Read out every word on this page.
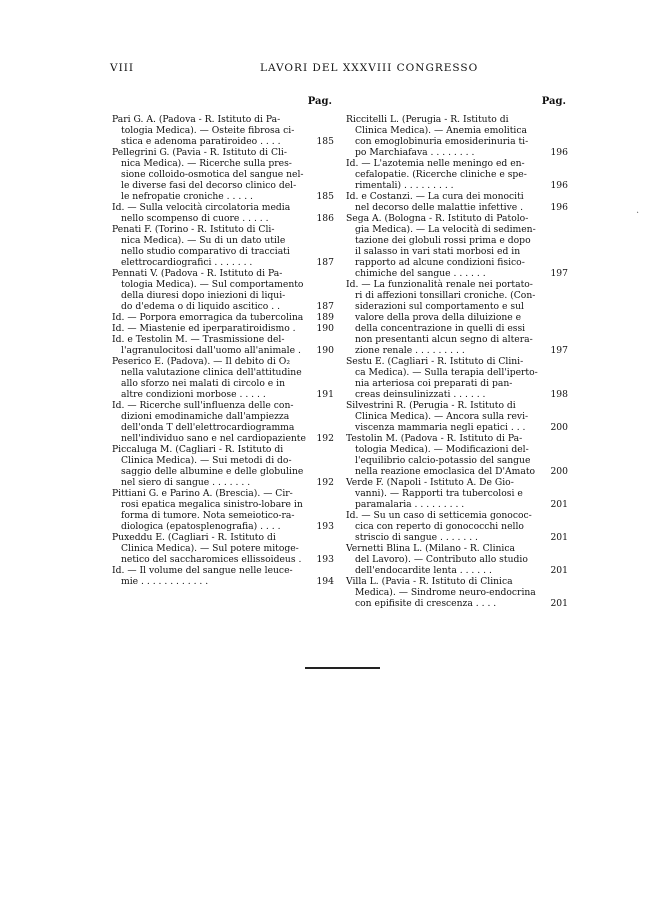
VIII	LAVORI DEL XXXVIII CONGRESSO
Pag.
Pari G. A. (Padova - R. Istituto di Pa-
tologia Medica). — Osteite fibrosa ci-
stica e adenoma paratiroideo . . . .	185
Pellegrini G. (Pavia - R. Istituto di Cli-
nica Medica). — Ricerche sulla pres-
sione colloido-osmotica del sangue nel-
le diverse fasi del decorso clinico del-
le nefropatie croniche . . . . .	185
Id. — Sulla velocità circolatoria media
nello scompenso di cuore . . . . .	186
Penati F. (Torino - R. Istituto di Cli-
nica Medica). — Su di un dato utile
nello studio comparativo di tracciati
elettrocardiografici . . . . . . .	187
Pennati V. (Padova - R. Istituto di Pa-
tologia Medica). — Sul comportamento
della diuresi dopo iniezioni di liqui-
do d'edema o di liquido ascitico . .	187
Id. — Porpora emorragica da tubercolina	189
Id. — Miastenie ed iperparatiroidismo .	190
Id. e Testolin M. — Trasmissione del-
l'agranulocitosi dall'uomo all'animale .	190
Peserico E. (Padova). — Il debito di O₂
nella valutazione clinica dell'attitudine
allo sforzo nei malati di circolo e in
altre condizioni morbose . . . . .	191
Id. — Ricerche sull'influenza delle con-
dizioni emodinamiche dall'ampiezza
dell'onda T dell'elettrocardiogramma
nell'individuo sano e nel cardiopaziente	192
Piccaluga M. (Cagliari - R. Istituto di
Clinica Medica). — Sui metodi di do-
saggio delle albumine e delle globuline
nel siero di sangue . . . . . . .	192
Pittiani G. e Parino A. (Brescia). — Cir-
rosi epatica megalica sinistro-lobare in
forma di tumore. Nota semeiotico-ra-
diologica (epatosplenografia) . . . .	193
Puxeddu E. (Cagliari - R. Istituto di
Clinica Medica). — Sul potere mitoge-
netico del saccharomices ellissoideus .	193
Id. — Il volume del sangue nelle leuce-
mie . . . . . . . . . . . .	194
Pag.
Riccitelli L. (Perugia - R. Istituto di
Clinica Medica). — Anemia emolitica
con emoglobinuria emosiderinuria ti-
po Marchiafava . . . . . . . .	196
Id. — L'azotemia nelle meningo ed en-
cefalopatie. (Ricerche cliniche e spe-
rimentali) . . . . . . . . .	196
Id. e Costanzi. — La cura dei monociti
nel decorso delle malattie infettive .	196
Sega A. (Bologna - R. Istituto di Patolo-
gia Medica). — La velocità di sedimen-
tazione dei globuli rossi prima e dopo
il salasso in vari stati morbosi ed in
rapporto ad alcune condizioni fisico-
chimiche del sangue . . . . . .	197
Id. — La funzionalità renale nei portato-
ri di affezioni tonsillari croniche. (Con-
siderazioni sul comportamento e sul
valore della prova della diluizione e
della concentrazione in quelli di essi
non presentanti alcun segno di altera-
zione renale . . . . . . . . .	197
Sestu E. (Cagliari - R. Istituto di Clini-
ca Medica). — Sulla terapia dell'iperto-
nia arteriosa coi preparati di pan-
creas deinsulinizzati . . . . . .	198
Silvestrini R. (Perugia - R. Istituto di
Clinica Medica). — Ancora sulla revi-
viscenza mammaria negli epatici . . .	200
Testolin M. (Padova - R. Istituto di Pa-
tologia Medica). — Modificazioni del-
l'equilibrio calcio-potassio del sangue
nella reazione emoclasica del D'Amato	200
Verde F. (Napoli - Istituto A. De Gio-
vanni). — Rapporti tra tubercolosi e
paramalaria . . . . . . . . .	201
Id. — Su un caso di setticemia gonococ-
cica con reperto di gonococchi nello
striscio di sangue . . . . . . .	201
Vernetti Blina L. (Milano - R. Clinica
del Lavoro). — Contributo allo studio
dell'endocardite lenta . . . . . .	201
Villa L. (Pavia - R. Istituto di Clinica
Medica). — Sindrome neuro-endocrina
con epifisite di crescenza . . . .	201
·
